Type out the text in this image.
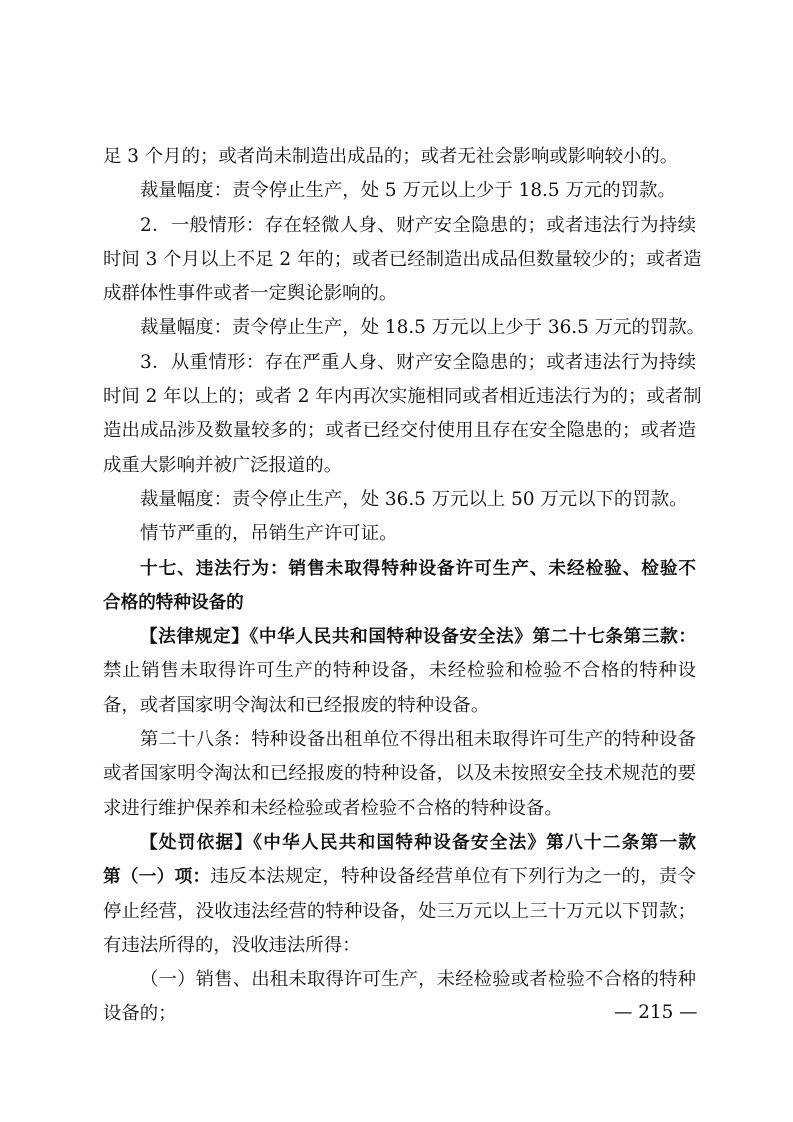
足 3 个月的；或者尚未制造出成品的；或者无社会影响或影响较小的。
裁量幅度：责令停止生产，处 5 万元以上少于 18.5 万元的罚款。
2．一般情形：存在轻微人身、财产安全隐患的；或者违法行为持续
时间 3 个月以上不足 2 年的；或者已经制造出成品但数量较少的；或者造
成群体性事件或者一定舆论影响的。
裁量幅度：责令停止生产，处 18.5 万元以上少于 36.5 万元的罚款。
3．从重情形：存在严重人身、财产安全隐患的；或者违法行为持续
时间 2 年以上的；或者 2 年内再次实施相同或者相近违法行为的；或者制
造出成品涉及数量较多的；或者已经交付使用且存在安全隐患的；或者造
成重大影响并被广泛报道的。
裁量幅度：责令停止生产，处 36.5 万元以上 50 万元以下的罚款。
情节严重的，吊销生产许可证。
十七、违法行为：销售未取得特种设备许可生产、未经检验、检验不
合格的特种设备的
【法律规定】《中华人民共和国特种设备安全法》第二十七条第三款：
禁止销售未取得许可生产的特种设备，未经检验和检验不合格的特种设
备，或者国家明令淘汰和已经报废的特种设备。
第二十八条：特种设备出租单位不得出租未取得许可生产的特种设备
或者国家明令淘汰和已经报废的特种设备，以及未按照安全技术规范的要
求进行维护保养和未经检验或者检验不合格的特种设备。
【处罚依据】《中华人民共和国特种设备安全法》第八十二条第一款
第（一）项：违反本法规定，特种设备经营单位有下列行为之一的，责令
停止经营，没收违法经营的特种设备，处三万元以上三十万元以下罚款；
有违法所得的，没收违法所得：
（一）销售、出租未取得许可生产，未经检验或者检验不合格的特种
设备的；	— 215 —
